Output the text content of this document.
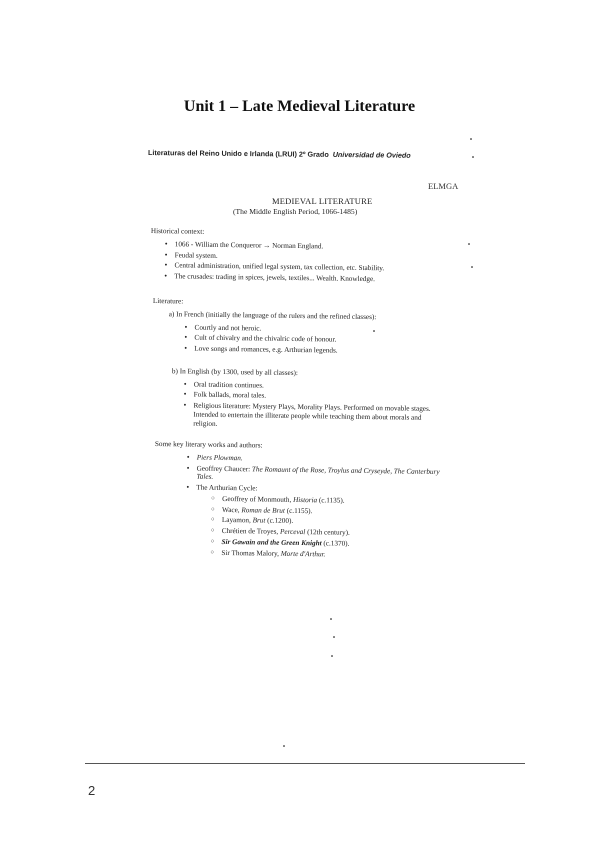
Unit 1 – Late Medieval Literature
Literaturas del Reino Unido e Irlanda (LRUI) 2º Grado Universidad de Oviedo
ELMGA
MEDIEVAL LITERATURE
(The Middle English Period, 1066-1485)
Historical context:
• 1066 - William the Conqueror → Norman England.
• Feudal system.
• Central administration, unified legal system, tax collection, etc. Stability.
• The crusades: trading in spices, jewels, textiles... Wealth. Knowledge.
Literature:
a) In French (initially the language of the rulers and the refined classes):
• Courtly and not heroic.
• Cult of chivalry and the chivalric code of honour.
• Love songs and romances, e.g. Arthurian legends.
b) In English (by 1300, used by all classes):
• Oral tradition continues.
• Folk ballads, moral tales.
• Religious literature: Mystery Plays, Morality Plays. Performed on movable stages. Intended to entertain the illiterate people while teaching them about morals and religion.
Some key literary works and authors:
• Piers Plowman.
• Geoffrey Chaucer: The Romaunt of the Rose, Troylus and Cryseyde, The Canterbury Tales.
• The Arthurian Cycle:
○ Geoffrey of Monmouth, Historia (c.1135).
○ Wace, Roman de Brut (c.1155).
○ Layamon, Brut (c.1200).
○ Chrétien de Troyes, Perceval (12th century).
○ Sir Gawain and the Green Knight (c.1370).
○ Sir Thomas Malory, Morte d'Arthur.
2
